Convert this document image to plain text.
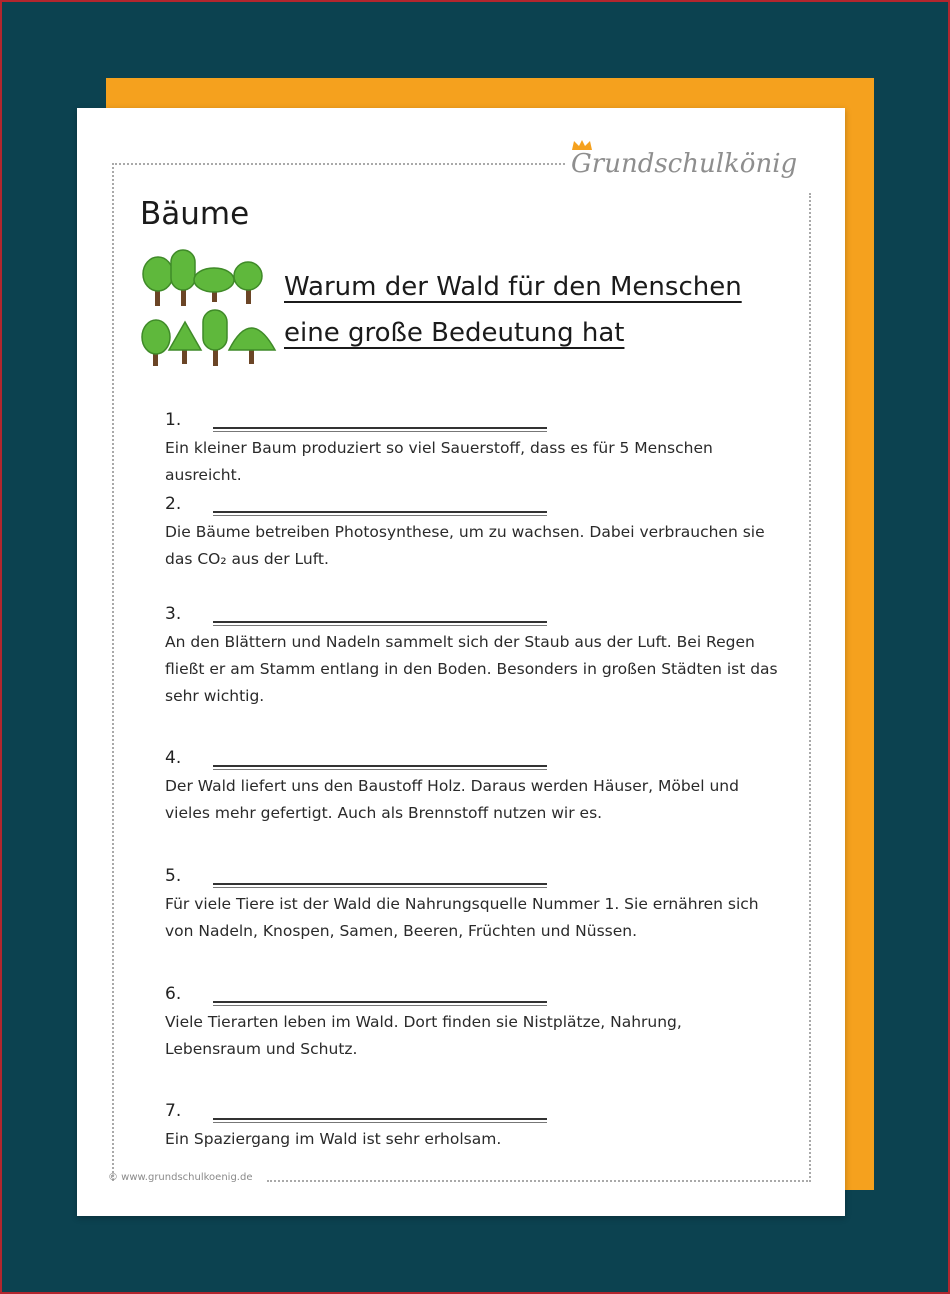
Grundschulkönig
Bäume
Warum der Wald für den Menschen
eine große Bedeutung hat
1.
Ein kleiner Baum produziert so viel Sauerstoff, dass es für 5 Menschen ausreicht.
2.
Die Bäume betreiben Photosynthese, um zu wachsen. Dabei verbrauchen sie das CO₂ aus der Luft.
3.
An den Blättern und Nadeln sammelt sich der Staub aus der Luft. Bei Regen fließt er am Stamm entlang in den Boden. Besonders in großen Städten ist das sehr wichtig.
4.
Der Wald liefert uns den Baustoff Holz. Daraus werden Häuser, Möbel und vieles mehr gefertigt. Auch als Brennstoff nutzen wir es.
5.
Für viele Tiere ist der Wald die Nahrungsquelle Nummer 1. Sie ernähren sich von Nadeln, Knospen, Samen, Beeren, Früchten und Nüssen.
6.
Viele Tierarten leben im Wald. Dort finden sie Nistplätze, Nahrung, Lebensraum und Schutz.
7.
Ein Spaziergang im Wald ist sehr erholsam.
© www.grundschulkoenig.de
